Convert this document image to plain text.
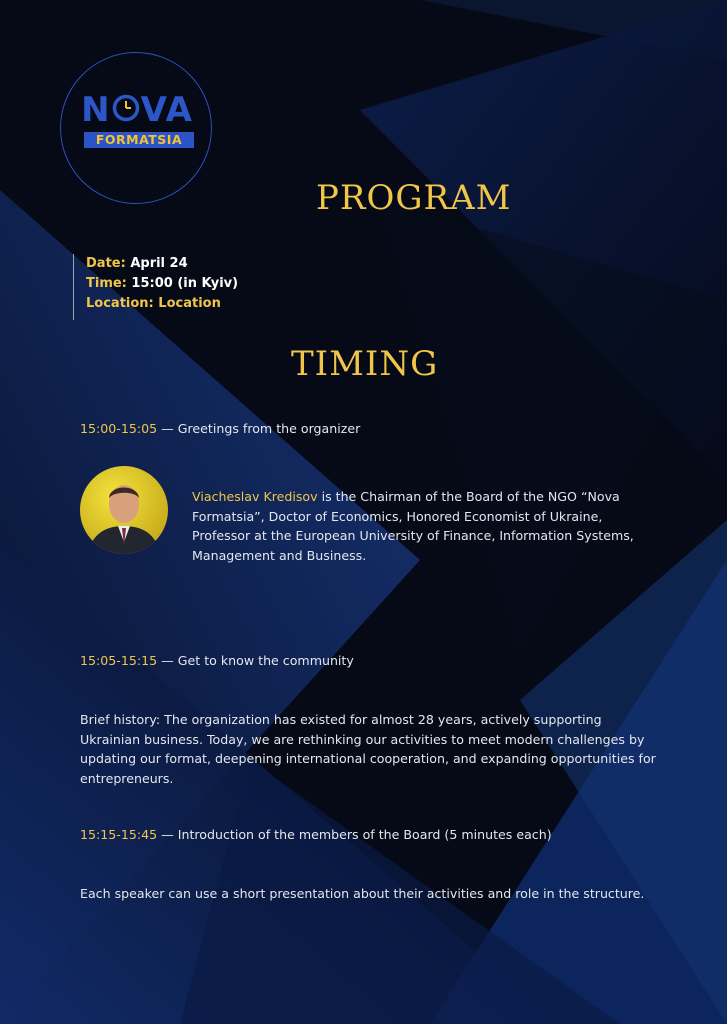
N VA
FORMATSIA
PROGRAM
Date: April 24
Time: 15:00 (in Kyiv)
Location: Location
TIMING

15:00-15:05 — Greetings from the organizer

Viacheslav Kredisov is the Chairman of the Board of the NGO “Nova Formatsia”, Doctor of Economics, Honored Economist of Ukraine, Professor at the European University of Finance, Information Systems, Management and Business.

15:05-15:15 — Get to know the community

Brief history: The organization has existed for almost 28 years, actively supporting Ukrainian business. Today, we are rethinking our activities to meet modern challenges by updating our format, deepening international cooperation, and expanding opportunities for entrepreneurs.

15:15-15:45 — Introduction of the members of the Board (5 minutes each)

Each speaker can use a short presentation about their activities and role in the structure.
